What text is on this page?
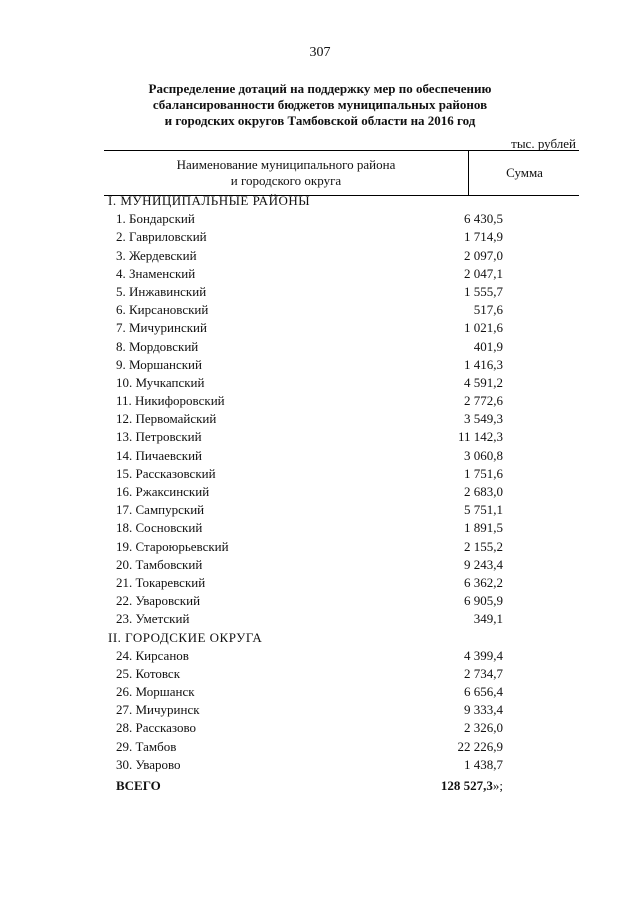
307
Распределение дотаций на поддержку мер по обеспечению
сбалансированности бюджетов муниципальных районов
и городских округов Тамбовской области на 2016 год
тыс. рублей
Наименование муниципального района
и городского округа
Сумма
I. МУНИЦИПАЛЬНЫЕ РАЙОНЫ
1. Бондарский	6 430,5
2. Гавриловский	1 714,9
3. Жердевский	2 097,0
4. Знаменский	2 047,1
5. Инжавинский	1 555,7
6. Кирсановский	517,6
7. Мичуринский	1 021,6
8. Мордовский	401,9
9. Моршанский	1 416,3
10. Мучкапский	4 591,2
11. Никифоровский	2 772,6
12. Первомайский	3 549,3
13. Петровский	11 142,3
14. Пичаевский	3 060,8
15. Рассказовский	1 751,6
16. Ржаксинский	2 683,0
17. Сампурский	5 751,1
18. Сосновский	1 891,5
19. Староюрьевский	2 155,2
20. Тамбовский	9 243,4
21. Токаревский	6 362,2
22. Уваровский	6 905,9
23. Уметский	349,1
II. ГОРОДСКИЕ ОКРУГА
24. Кирсанов	4 399,4
25. Котовск	2 734,7
26. Моршанск	6 656,4
27. Мичуринск	9 333,4
28. Рассказово	2 326,0
29. Тамбов	22 226,9
30. Уварово	1 438,7
ВСЕГО	128 527,3»;
